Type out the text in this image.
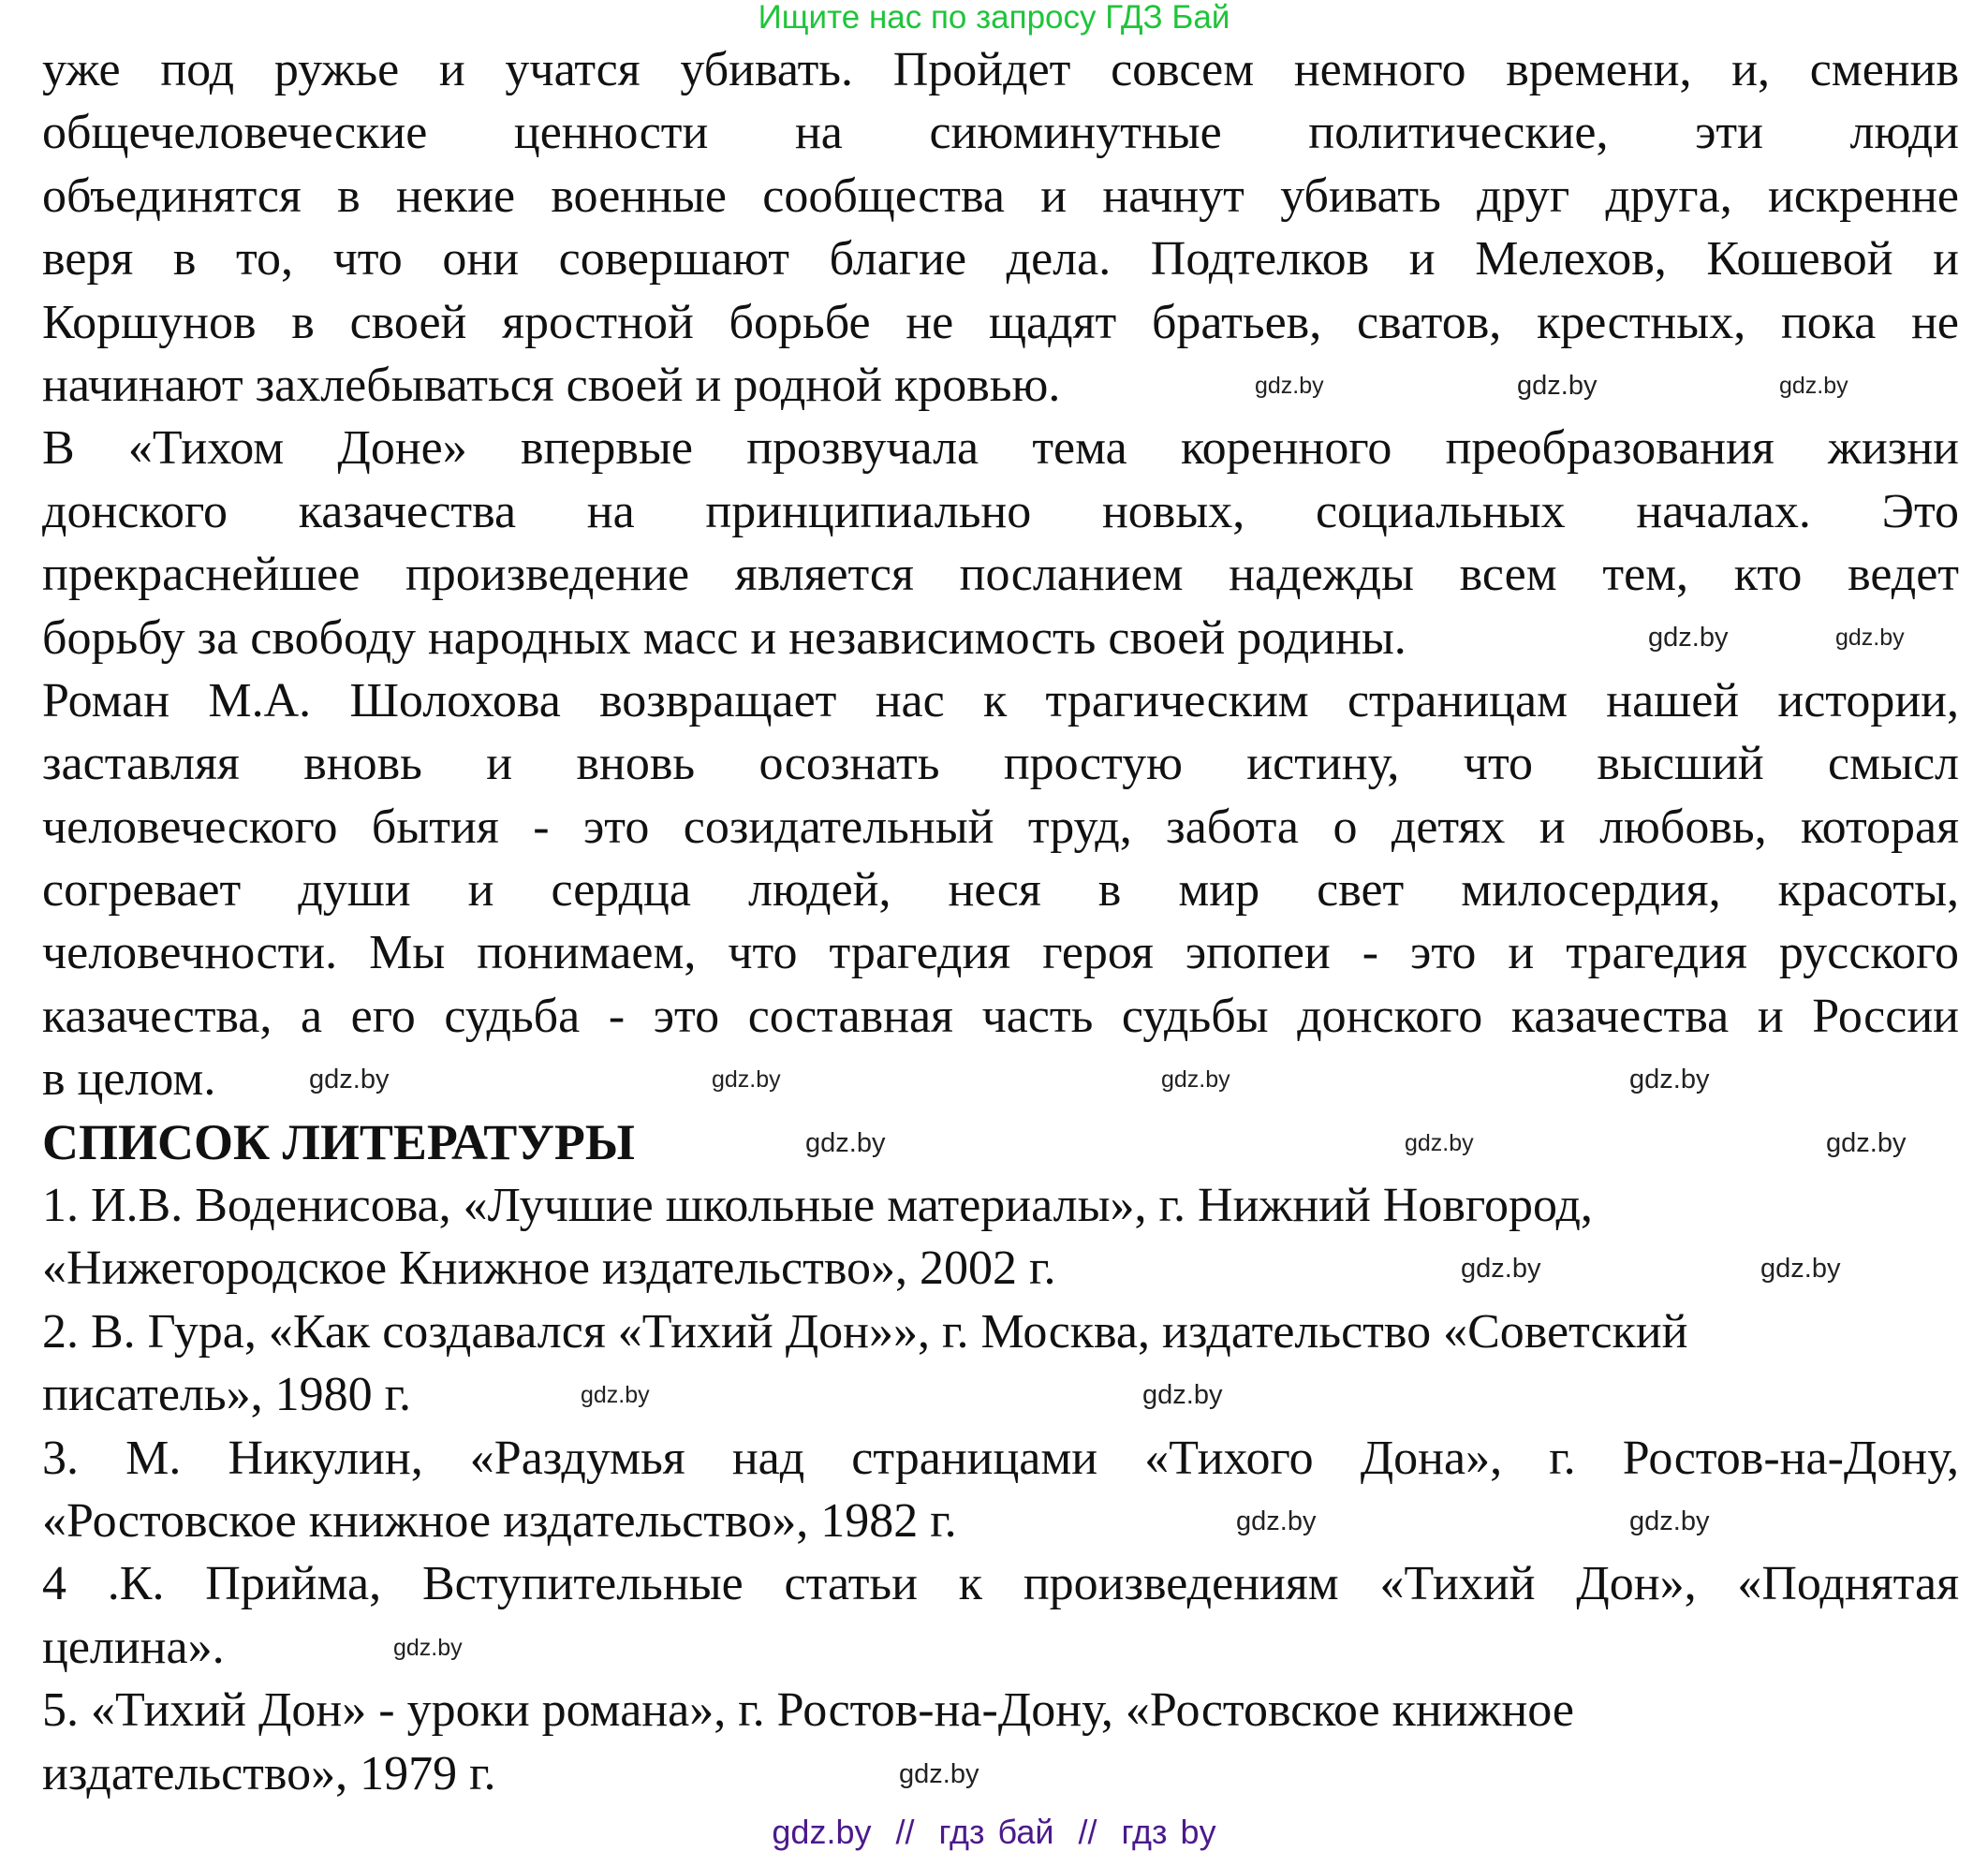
Ищите нас по запросу ГДЗ Бай
уже под ружье и учатся убивать. Пройдет совсем немного времени, и, сменив
общечеловеческие ценности на сиюминутные политические, эти люди
объединятся в некие военные сообщества и начнут убивать друг друга, искренне
веря в то, что они совершают благие дела. Подтелков и Мелехов, Кошевой и
Коршунов в своей яростной борьбе не щадят братьев, сватов, крестных, пока не
начинают захлебываться своей и родной кровью.
В «Тихом Доне» впервые прозвучала тема коренного преобразования жизни
донского казачества на принципиально новых, социальных началах. Это
прекраснейшее произведение является посланием надежды всем тем, кто ведет
борьбу за свободу народных масс и независимость своей родины.
Роман М.А. Шолохова возвращает нас к трагическим страницам нашей истории,
заставляя вновь и вновь осознать простую истину, что высший смысл
человеческого бытия - это созидательный труд, забота о детях и любовь, которая
согревает души и сердца людей, неся в мир свет милосердия, красоты,
человечности. Мы понимаем, что трагедия героя эпопеи - это и трагедия русского
казачества, а его судьба - это составная часть судьбы донского казачества и России
в целом.
СПИСОК ЛИТЕРАТУРЫ
1. И.В. Воденисова, «Лучшие школьные материалы», г. Нижний Новгород,
«Нижегородское Книжное издательство», 2002 г.
2. В. Гура, «Как создавался «Тихий Дон»», г. Москва, издательство «Советский
писатель», 1980 г.
3. М. Никулин, «Раздумья над страницами «Тихого Дона», г. Ростов-на-Дону,
«Ростовское книжное издательство», 1982 г.
4 .К. Прийма, Вступительные статьи к произведениям «Тихий Дон», «Поднятая
целина».
5. «Тихий Дон» - уроки романа», г. Ростов-на-Дону, «Ростовское книжное
издательство», 1979 г.
gdz.by	gdz.by	gdz.by
gdz.by	gdz.by
gdz.by	gdz.by	gdz.by	gdz.by
gdz.by	gdz.by	gdz.by
gdz.by	gdz.by
gdz.by	gdz.by
gdz.by	gdz.by
gdz.by
gdz.by
gdz.by // гдз бай // гдз by
